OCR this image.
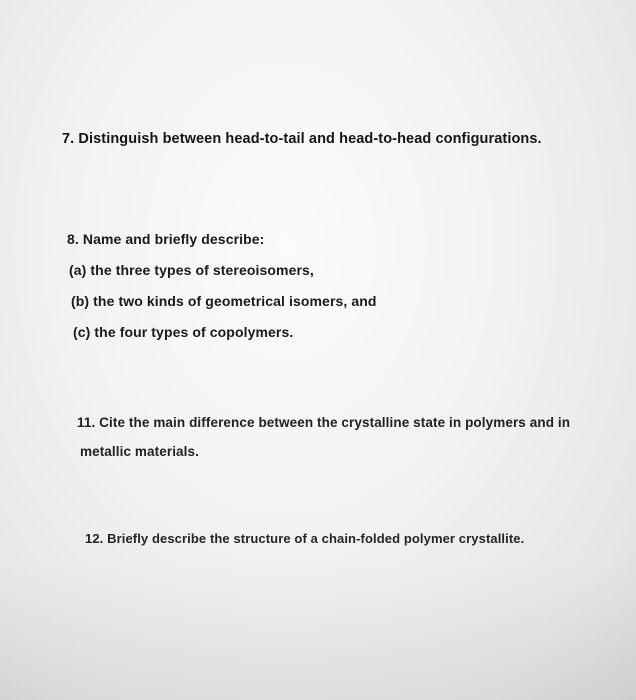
7. Distinguish between head-to-tail and head-to-head configurations.
8. Name and briefly describe:
(a) the three types of stereoisomers,
(b) the two kinds of geometrical isomers, and
(c) the four types of copolymers.
11. Cite the main difference between the crystalline state in polymers and in
metallic materials.
12. Briefly describe the structure of a chain-folded polymer crystallite.
